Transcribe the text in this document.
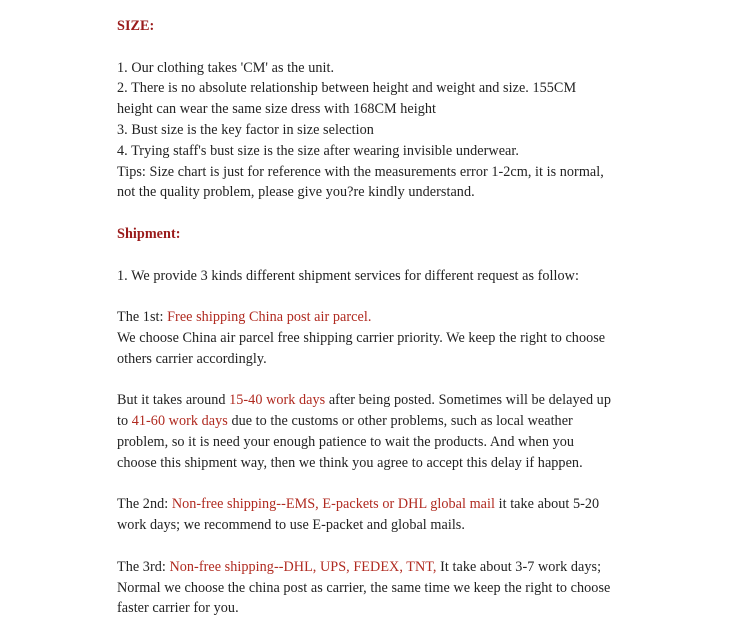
SIZE:

1. Our clothing takes 'CM' as the unit.

2. There is no absolute relationship between height and weight and size. 155CM

height can wear the same size dress with 168CM height

3. Bust size is the key factor in size selection

4. Trying staff's bust size is the size after wearing invisible underwear.

Tips: Size chart is just for reference with the measurements error 1-2cm, it is normal,

not the quality problem, please give you?re kindly understand.

Shipment:

1. We provide 3 kinds different shipment services for different request as follow:

The 1st: Free shipping China post air parcel.

We choose China air parcel free shipping carrier priority. We keep the right to choose

others carrier accordingly.

But it takes around 15-40 work days after being posted. Sometimes will be delayed up

to 41-60 work days due to the customs or other problems, such as local weather

problem, so it is need your enough patience to wait the products. And when you

choose this shipment way, then we think you agree to accept this delay if happen.

The 2nd: Non-free shipping--EMS, E-packets or DHL global mail it take about 5-20

work days; we recommend to use E-packet and global mails.

The 3rd: Non-free shipping--DHL, UPS, FEDEX, TNT, It take about 3-7 work days;

Normal we choose the china post as carrier, the same time we keep the right to choose

faster carrier for you.
